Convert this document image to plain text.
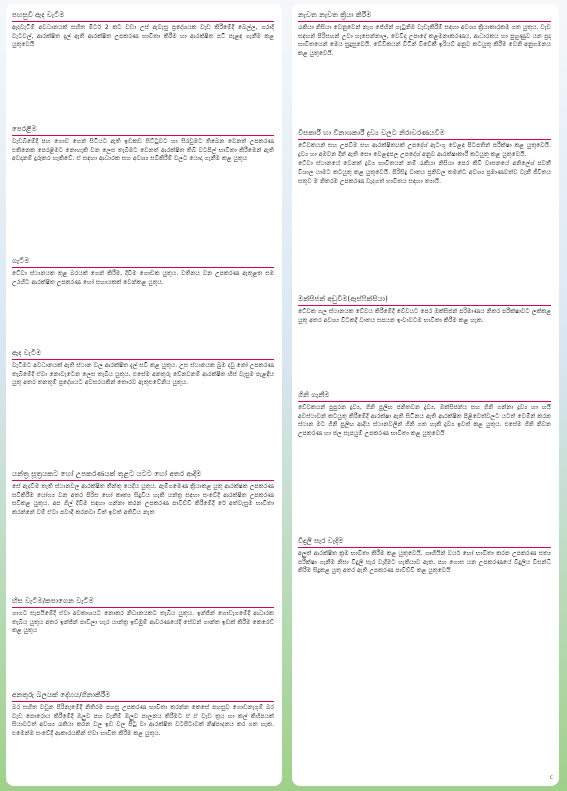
පහසුවී ඇද වැටීම

ඇදවැටීම් අවධානයක් සහිත මීටර් 2 කට වඩා උස් ඇවැසු ප්‍රදේශයක වැඩ කිරීමේදී බෙල්ල, ගරාදි වැටවල්, ආරක්ෂිත දැල් ඇති ආරක්ෂිත උපකරණ භාවිතා කිරීම හා ආරක්ෂිත පටි පැළඳ ගැනීම කළ යුතුවෙයි

පෙරළීම

වැඩබිමේදී පහ ගොඩ ගෙන් සිටියට ඇති ඉඩකඩ සිට්ටුවට හා සිරවුමට තිබෙන වෙනත් උපකරණ එකිනෙක පෙරළීමට නොහැකි වන ලෙස තැබීමට වෙනත් ආරක්ෂිත තිබි වටපිල් භාවිතා කිරීමෙන් ඇති අවදානම් දුරුකර හැකිවේ. ඒ සඳහා ආධාරක සහ අවශ්‍ය සවිකිරීම් වලට යොදා ගැනීම කළ යුතුය

ගැටීම

ටේ‍වා ස්ථානයක තුළ බරයක් ගෙන් කිරීම, දිවීම ගොඩක යුතුය. වතිනය වන උපකරණ ඇතුළත සම උරහිට ආරක්ෂිත උපකරණ හෝ සහායකක් වෙන්කළ යුතුය.

ඇද වැටීම

වැටීමට අවධානයක් ඇති ස්ථාන වල ආරක්ෂිත දැල් සවි කළ යුතුය. උස ස්ථානයක බුම දවු නෝ උපකරණ තැබීමේදී ඒවා නොවැටෙන ලෙස තැබිය යුතුය. එසේම අනතුරු වේනවනම් ආරක්ෂිත හිස් වැසුම පැළඳිය යුතු අතර තනතුම් ප්‍රදේශයට අවසරයකින් තොරව ඇතුළුවේනිය යුතුය.

යන්ත්‍ර සූත්‍රයකට හෝ උපකරණයක් තුළට යටට හෝ අතර ආදීම

සේ ඇදවීම තැති ස්ථානවල ආරක්ෂිත තීන්තු යෙදිය යුතුය. ඇමිගමෙණ ක්‍රියාකළ යුතු ආරක්ෂක උපකරණ සවිකිරීම යෝග්‍ය වන අතර පිරිස හෝ කෘත්‍ය සිදුවිය හැකි යන්ත්‍ර සඳහා සංවේදී ආරක්ෂිත උපකරණ සවිකළ යුතුය. අප ගිල් දිවීම සඳහා ගන්නා කරන උපකරණ පාවිච්චි කිරීමේදී රේ අත්වැසුම භාවිතා කරන්නේ වම් ඒවා පවාදී කරනවා විත් ඉවත් අතිවිය නැත

හිස වැටීම/කපාගෙන වැටීම

ගාගට සැපයිමේදී ඒවා අවකාශයට නොකර නිධානයකට තැබිය යුතුය. ඉන්ජින් ගොඩැගමේදී ආධාරක තැබිය යුතුය අතර ඉන්ජින් පාවිලා හැර යාන්ත්‍ර ඉඩ්මුම් ආවරණයේදී සේවන් ගාන්ත ඉඩක් කිරීම කෙරෙඩ් කළ යුතුය

අනතුරු බලයක් දේහය/ගිනාකිරීම

බර සහිත වඩුන පිරිනැමේදී නිතිරම පහසු උපකරණ භාවිතා කරන්න කෙසේ පහසුව ගොඩනැගුම් බර වැඩ පොරොය කිරීමේදී ඔලුව පහ වැනීම් ඔලුව පාලනය කිරීමට ඒ ඒ වැඩ ත්‍රය හා කල් කිහිපයක් සියාවටත් අවශ්‍ය රැකියා කරන වල ඉඩ වල පිටු වා ආරක්ෂිත වටපිටාවක් නිෂ්පාදනය කර ගත හැක. එමෙන්ම සංවේදී ආකාරයකින් ඒවා භාවිත කිරීම කළ යුතුය.

නැවත නැවත ක්‍රියා කිරීම

රැකියා නිසියා වෙනුවෙන් නැග ජේහින් ගැටුනිම වැඩැකිරීම් සඳහා අවශ්‍ය ක්‍රියාකාරකම ගත යුතුය. වැඩ සඳහන් පිරිසහන් උවා හැසෙන්නාල, වෙවිදා උපාදේ කළමනාකරණය, ආධාරකය හා පුහුණුව යන ප්‍රදා භාවිතයෙන් මෙය සුදුසුවෙයි. වේවිකයන් වීටින් විවේකී ඉරියව් අනුව කටයුතු කිරීම වෙනි අනුගමනය කළ යුතුවෙයි.

විසකාරී හා විනාශකාරී ද්‍රව්‍ය වලට නිරාවරණයවීම

ටේ‍වකයන් සහ උපවීම සහ ආරක්ෂිතයක් උපදේශ් ඇටංගු වෙළඳ පිටපතින් පරීක්ෂා කළ යුතුවෙයි. ද්‍රව්‍ය හා අමවන දින් ඇති සෞ වෙළඳපල උපදේශ් අනුව ආරක්ෂාකාරී කටයුතු කළ යුතුවෙයි.

ටේ‍වා ස්ථානයේ වෙනත් ද්‍රව්‍ය භාවිතයන් නම් රැකියා නිසියා පෙර කිවී වාසනයේ අනිලේශ් පවතී විශාල යාමට කටයුතු කළ යුතුවෙයි. පිරිසිදු වාතය ප්‍රතිවල තමන්ට අවශ්‍ය ප්‍රමාණවත්ව වැනී ජීවිතය සතුව ම නිතරම උපකරණ වැදගත් භාවිතය සඳහා ත්‍යායි.

ඔක්සිජන් අඩුවීම(ඇස්ෆික්සියා)

ටේ‍වක ගල ස්ථානයක වේ‍වය කිරීමේදී වේ‍වයට පෙර ඔක්සිජන් පරිමාණය නිතර පරීක්ෂාවට ලක්කළ යුතු අතර අවශ්‍ය විටකදී වාතය සපයන ඉංවාවටම භාවිතා කිරීම කළ හැක.

ගිනි ගැනීම

වේ‍වකයන් පුපුරන ද්‍රව්‍ය, ගිනි පුලිඟ ජනිතවන ද්‍රව්‍ය, ඔක්සිජන්ය සහ ගිනි ගන්නා ද්‍රව්‍ය හා හයි අවස්ථාවන් කටයුතු කිරීමේදී ආරක්ෂා ඇති සිටිනය ඇති ආරක්ෂිත පිළිවෙත්වලට යටත් වෙමින් කරන ස්ථාන මට ගිනි පුලිඟ ආදිය ස්ථානවලින් ගිනි ගත හැකි ද්‍රව්‍ය ඉවත් කළ යුතුය. එසේම ගිනි නිවන උපකරණ හා ජල සැපයුම් උපකරණ භාවිතා කළ යුතුවෙයි

විදුලි සැර වැදීම

අලුත් ආරක්ෂිත ක්‍රම භාවිතා කිරීම කළ යුතුවෙයි. ගෘහීයින් වයර් හෝ භාවිතා කරන උපකරණ සත්‍ය පරීක්ෂා ගැනීම නිසා විදුලි සැර වැදීමට හැකියාව ඇත. පහ ගොස යන උපකරණයේ විදුලිය විසන්ධි කිරීම සිදුකළ යුතු අතර ඇති උපකරණ පාවිච්චි කළ යුතුවෙයි

c
